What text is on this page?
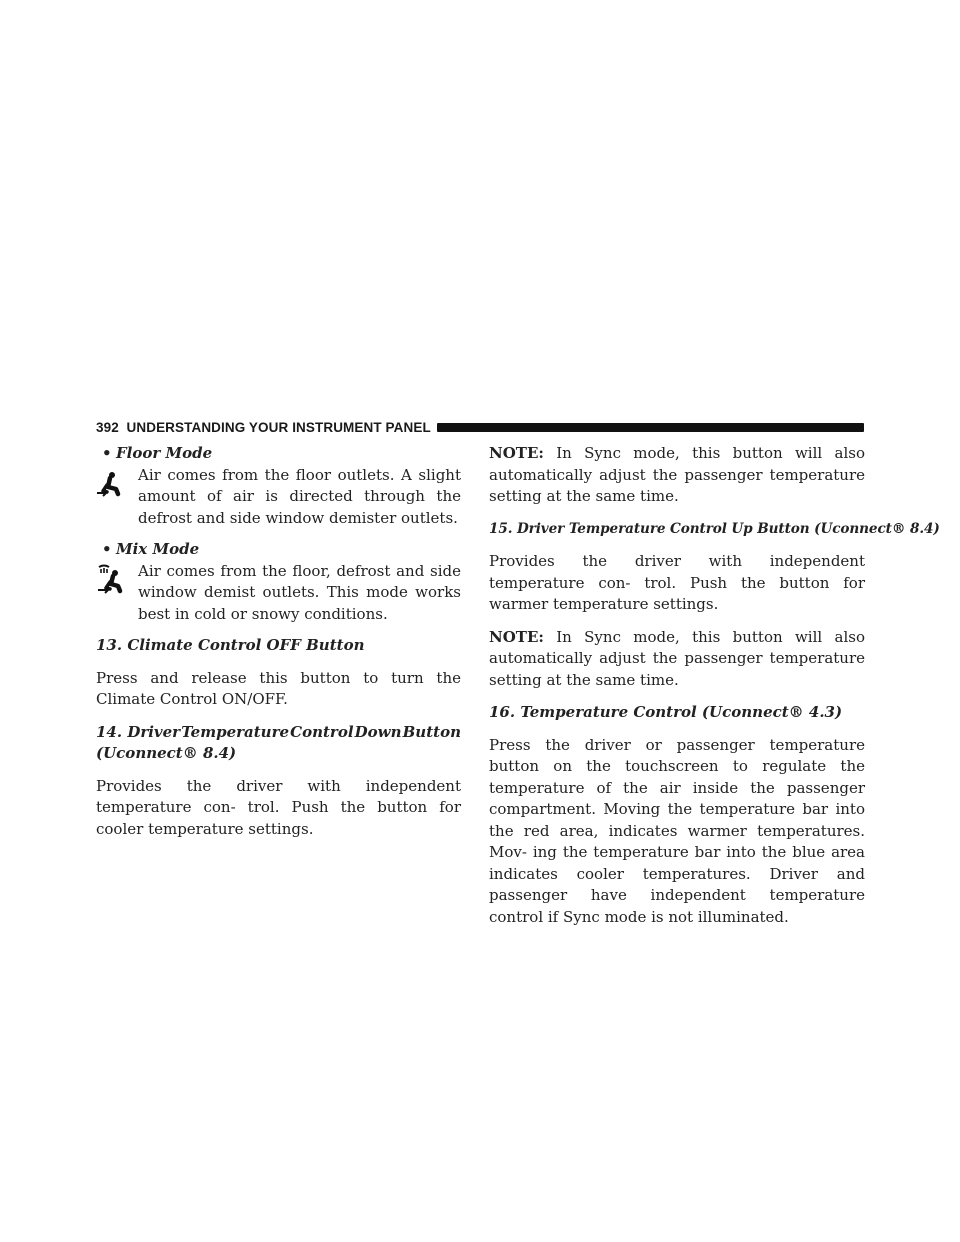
392 UNDERSTANDING YOUR INSTRUMENT PANEL
• Floor Mode

Air comes from the floor outlets. A slight amount of air is directed through the defrost and side window demister outlets.

• Mix Mode

Air comes from the floor, defrost and side window demist outlets. This mode works best in cold or snowy conditions.

13. Climate Control OFF Button

Press and release this button to turn the Climate Control ON/OFF.

14. Driver Temperature Control Down Button

(Uconnect® 8.4)

Provides the driver with independent temperature con- trol. Push the button for cooler temperature settings.

NOTE: In Sync mode, this button will also automatically adjust the passenger temperature setting at the same time.

15. Driver Temperature Control Up Button (Uconnect® 8.4)

Provides the driver with independent temperature con- trol. Push the button for warmer temperature settings.

NOTE: In Sync mode, this button will also automatically adjust the passenger temperature setting at the same time.

16. Temperature Control (Uconnect® 4.3)

Press the driver or passenger temperature button on the touchscreen to regulate the temperature of the air inside the passenger compartment. Moving the temperature bar into the red area, indicates warmer temperatures. Mov- ing the temperature bar into the blue area indicates cooler temperatures. Driver and passenger have independent temperature control if Sync mode is not illuminated.
